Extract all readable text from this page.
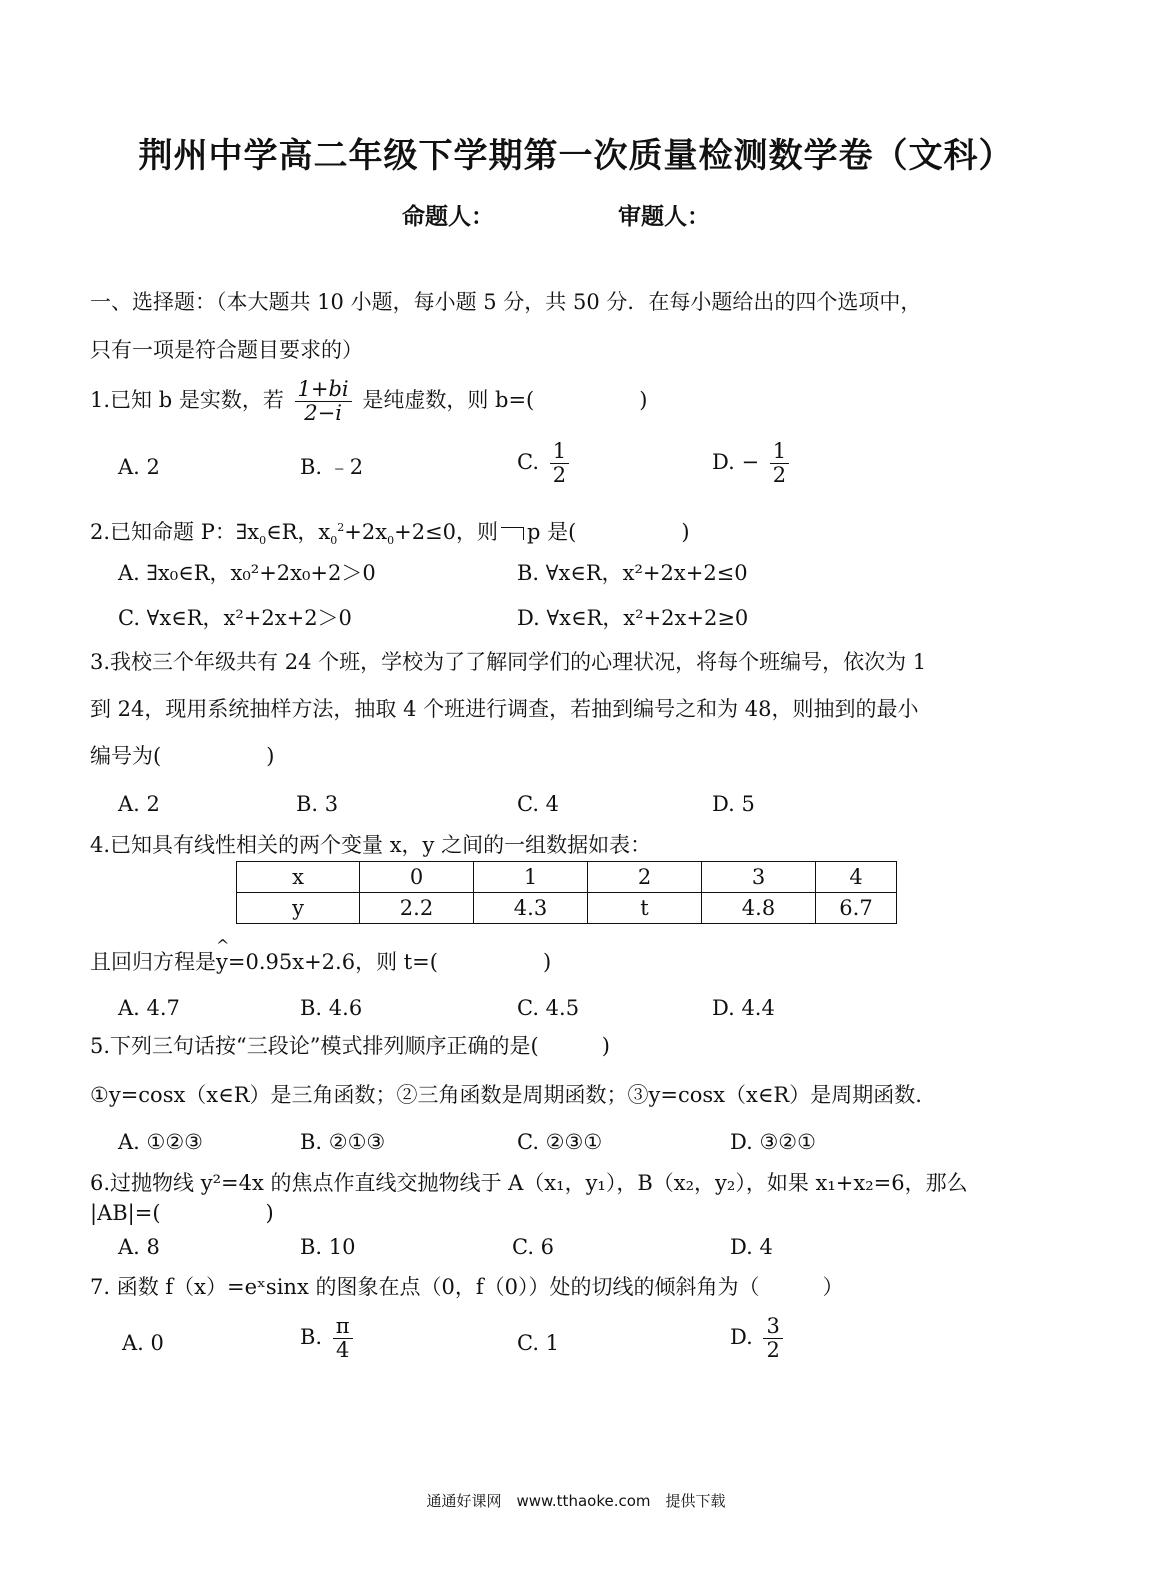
荆州中学高二年级下学期第一次质量检测数学卷（文科）
命题人：	审题人：
一、选择题：（本大题共 10 小题，每小题 5 分，共 50 分．在每小题给出的四个选项中，
只有一项是符合题目要求的）
1.已知 b 是实数，若 $\frac{1+bi}{2-i}$ 是纯虚数，则 b=(　　　　　)
A. 2	B. ﹣2	C. $\frac{1}{2}$	D. − $\frac{1}{2}$
2.已知命题 P：$\exists x_0\in R$，$x_0^2+2x_0+2\le 0$，则 p 是(　　　　　)
A. ∃x₀∈R，x₀²+2x₀+2＞0	B. ∀x∈R，x²+2x+2≤0
C. ∀x∈R，x²+2x+2＞0	D. ∀x∈R，x²+2x+2≥0
3.我校三个年级共有 24 个班，学校为了了解同学们的心理状况，将每个班编号，依次为 1
到 24，现用系统抽样方法，抽取 4 个班进行调查，若抽到编号之和为 48，则抽到的最小
编号为(　　　　　)
A. 2	B. 3	C. 4	D. 5
4.已知具有线性相关的两个变量 x，y 之间的一组数据如表：
x	0	1	2	3	4
y	2.2	4.3	t	4.8	6.7
且回归方程是^ y=0.95x+2.6，则 t=(　　　　　)
A. 4.7	B. 4.6	C. 4.5	D. 4.4
5.下列三句话按“三段论”模式排列顺序正确的是(　　　)
①y=cosx（x∈R）是三角函数；②三角函数是周期函数；③y=cosx（x∈R）是周期函数.
A. ①②③	B. ②①③	C. ②③①	D. ③②①
6.过抛物线 y²=4x 的焦点作直线交抛物线于 A（x₁，y₁），B（x₂，y₂），如果 x₁+x₂=6，那么
|AB|=(　　　　　)
A. 8	B. 10	C. 6	D. 4
7. 函数 f（x）=eˣsinx 的图象在点（0，f（0））处的切线的倾斜角为（　　　）
A. 0	B. $\frac{\pi}{4}$	C. 1	D. $\frac{3}{2}$
通通好课网　www.tthaoke.com　提供下载
